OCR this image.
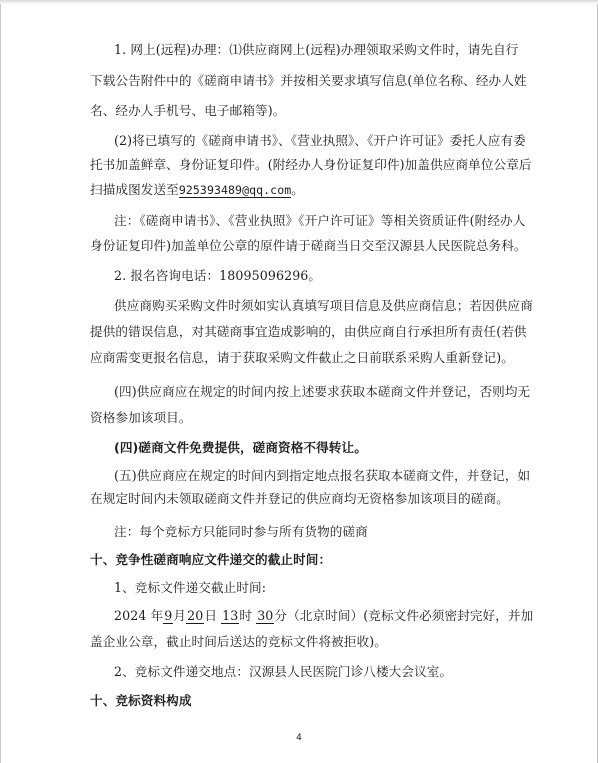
1. 网上(远程)办理：⑴供应商网上(远程)办理领取采购文件时，请先自行
下载公告附件中的《磋商申请书》并按相关要求填写信息(单位名称、经办人姓
名、经办人手机号、电子邮箱等)。
(2)将已填写的《磋商申请书》、《营业执照》、《开户许可证》委托人应有委
托书加盖鲜章、身份证复印件。(附经办人身份证复印件)加盖供应商单位公章后
扫描成图发送至925393489@qq.com。
注：《磋商申请书》、《营业执照》《开户许可证》等相关资质证件(附经办人
身份证复印件)加盖单位公章的原件请于磋商当日交至汉源县人民医院总务科。
2. 报名咨询电话：18095096296。
供应商购买采购文件时须如实认真填写项目信息及供应商信息；若因供应商
提供的错误信息，对其磋商事宜造成影响的，由供应商自行承担所有责任(若供
应商需变更报名信息，请于获取采购文件截止之日前联系采购人重新登记)。
(四)供应商应在规定的时间内按上述要求获取本磋商文件并登记，否则均无
资格参加该项目。
(四)磋商文件免费提供，磋商资格不得转让。
(五)供应商应在规定的时间内到指定地点报名获取本磋商文件，并登记，如
在规定时间内未领取磋商文件并登记的供应商均无资格参加该项目的磋商。
注：每个竞标方只能同时参与所有货物的磋商
十、竞争性磋商响应文件递交的截止时间：
1、竞标文件递交截止时间:
2024 年9月20日 13时 30分（北京时间）(竞标文件必须密封完好，并加
盖企业公章，截止时间后送达的竞标文件将被拒收)。
2、竞标文件递交地点：汉源县人民医院门诊八楼大会议室。
十、竞标资料构成
4
